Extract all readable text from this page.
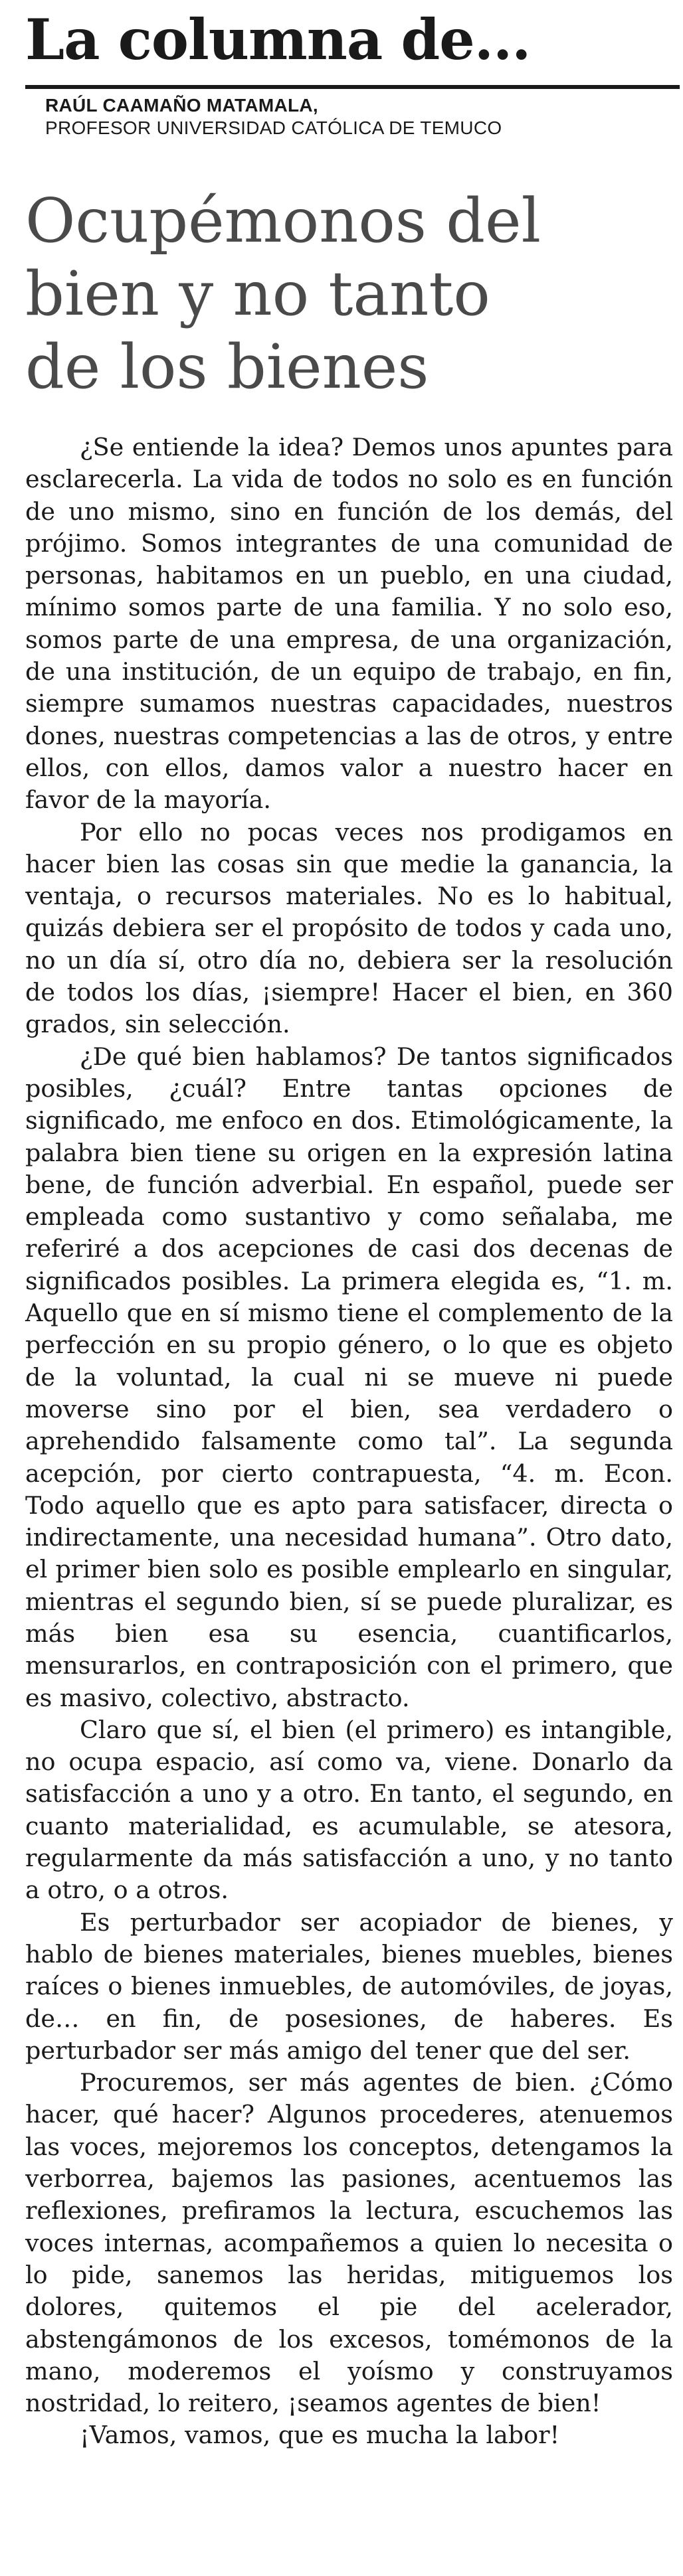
La columna de...
RAÚL CAAMAÑO MATAMALA,
PROFESOR UNIVERSIDAD CATÓLICA DE TEMUCO
Ocupémonos del
bien y no tanto
de los bienes

¿Se entiende la idea? Demos unos apuntes para esclarecerla. La vida de todos no solo es en función de uno mismo, sino en función de los demás, del prójimo. Somos integrantes de una comunidad de personas, habitamos en un pueblo, en una ciudad, mínimo somos parte de una familia. Y no solo eso, somos parte de una empresa, de una organización, de una institución, de un equipo de trabajo, en fin, siempre sumamos nuestras capacidades, nuestros dones, nuestras competencias a las de otros, y entre ellos, con ellos, damos valor a nuestro hacer en favor de la mayoría.

Por ello no pocas veces nos prodigamos en hacer bien las cosas sin que medie la ganancia, la ventaja, o recursos materiales. No es lo habitual, quizás debiera ser el propósito de todos y cada uno, no un día sí, otro día no, debiera ser la resolución de todos los días, ¡siempre! Hacer el bien, en 360 grados, sin selección.

¿De qué bien hablamos? De tantos significados posibles, ¿cuál? Entre tantas opciones de significado, me enfoco en dos. Etimológicamente, la palabra bien tiene su origen en la expresión latina bene, de función adverbial. En español, puede ser empleada como sustantivo y como señalaba, me referiré a dos acepciones de casi dos decenas de significados posibles. La primera elegida es, “1. m. Aquello que en sí mismo tiene el complemento de la perfección en su propio género, o lo que es objeto de la voluntad, la cual ni se mueve ni puede moverse sino por el bien, sea verdadero o aprehendido falsamente como tal”. La segunda acepción, por cierto contrapuesta, “4. m. Econ. Todo aquello que es apto para satisfacer, directa o indirectamente, una necesidad humana”. Otro dato, el primer bien solo es posible emplearlo en singular, mientras el segundo bien, sí se puede pluralizar, es más bien esa su esencia, cuantificarlos, mensurarlos, en contraposición con el primero, que es masivo, colectivo, abstracto.

Claro que sí, el bien (el primero) es intangible, no ocupa espacio, así como va, viene. Donarlo da satisfacción a uno y a otro. En tanto, el segundo, en cuanto materialidad, es acumulable, se atesora, regularmente da más satisfacción a uno, y no tanto a otro, o a otros.

Es perturbador ser acopiador de bienes, y hablo de bienes materiales, bienes muebles, bienes raíces o bienes inmuebles, de automóviles, de joyas, de… en fin, de posesiones, de haberes. Es perturbador ser más amigo del tener que del ser.

Procuremos, ser más agentes de bien. ¿Cómo hacer, qué hacer? Algunos procederes, atenuemos las voces, mejoremos los conceptos, detengamos la verborrea, bajemos las pasiones, acentuemos las reflexiones, prefiramos la lectura, escuchemos las voces internas, acompañemos a quien lo necesita o lo pide, sanemos las heridas, mitiguemos los dolores, quitemos el pie del acelerador, abstengámonos de los excesos, tomémonos de la mano, moderemos el yoísmo y construyamos nostridad, lo reitero, ¡seamos agentes de bien!

¡Vamos, vamos, que es mucha la labor!
